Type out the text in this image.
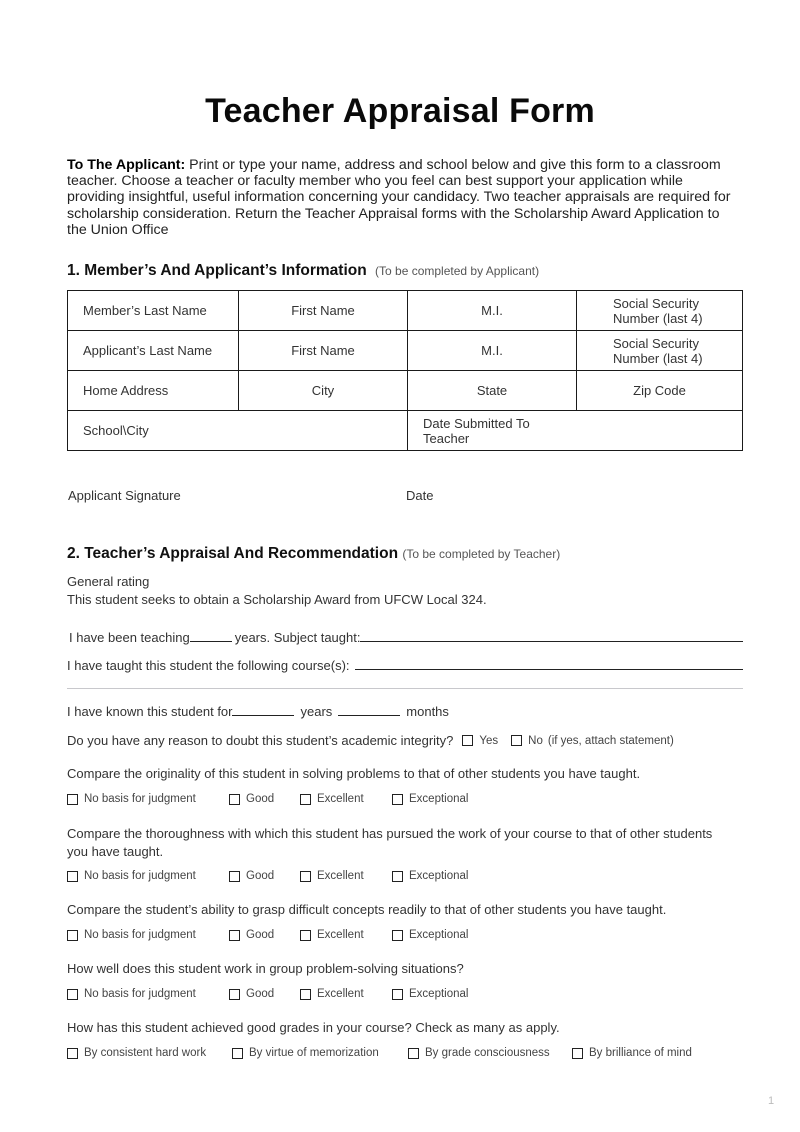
Teacher Appraisal Form
To The Applicant: Print or type your name, address and school below and give this form to a classroom teacher. Choose a teacher or faculty member who you feel can best support your application while providing insightful, useful information concerning your candidacy. Two teacher appraisals are required for scholarship consideration. Return the Teacher Appraisal forms with the Scholarship Award Application to the Union Office
1. Member’s And Applicant’s Information (To be completed by Applicant)
Member’s Last Name	First Name	M.I.	Social Security Number (last 4)
Applicant’s Last Name	First Name	M.I.	Social Security Number (last 4)
Home Address	City	State	Zip Code
School\City		Date Submitted To Teacher	
Applicant Signature	Date
2. Teacher’s Appraisal And Recommendation (To be completed by Teacher)
General rating
This student seeks to obtain a Scholarship Award from UFCW Local 324.
I have been teaching	years. Subject taught:
I have taught this student the following course(s):
I have known this student for	years	months
Do you have any reason to doubt this student’s academic integrity? Yes	No (if yes, attach statement)
Compare the originality of this student in solving problems to that of other students you have taught.
No basis for judgment	Good	Excellent	Exceptional
Compare the thoroughness with which this student has pursued the work of your course to that of other students you have taught.
No basis for judgment	Good	Excellent	Exceptional
Compare the student’s ability to grasp difficult concepts readily to that of other students you have taught.
No basis for judgment	Good	Excellent	Exceptional
How well does this student work in group problem-solving situations?
No basis for judgment	Good	Excellent	Exceptional
How has this student achieved good grades in your course? Check as many as apply.
By consistent hard work	By virtue of memorization	By grade consciousness	By brilliance of mind
1
